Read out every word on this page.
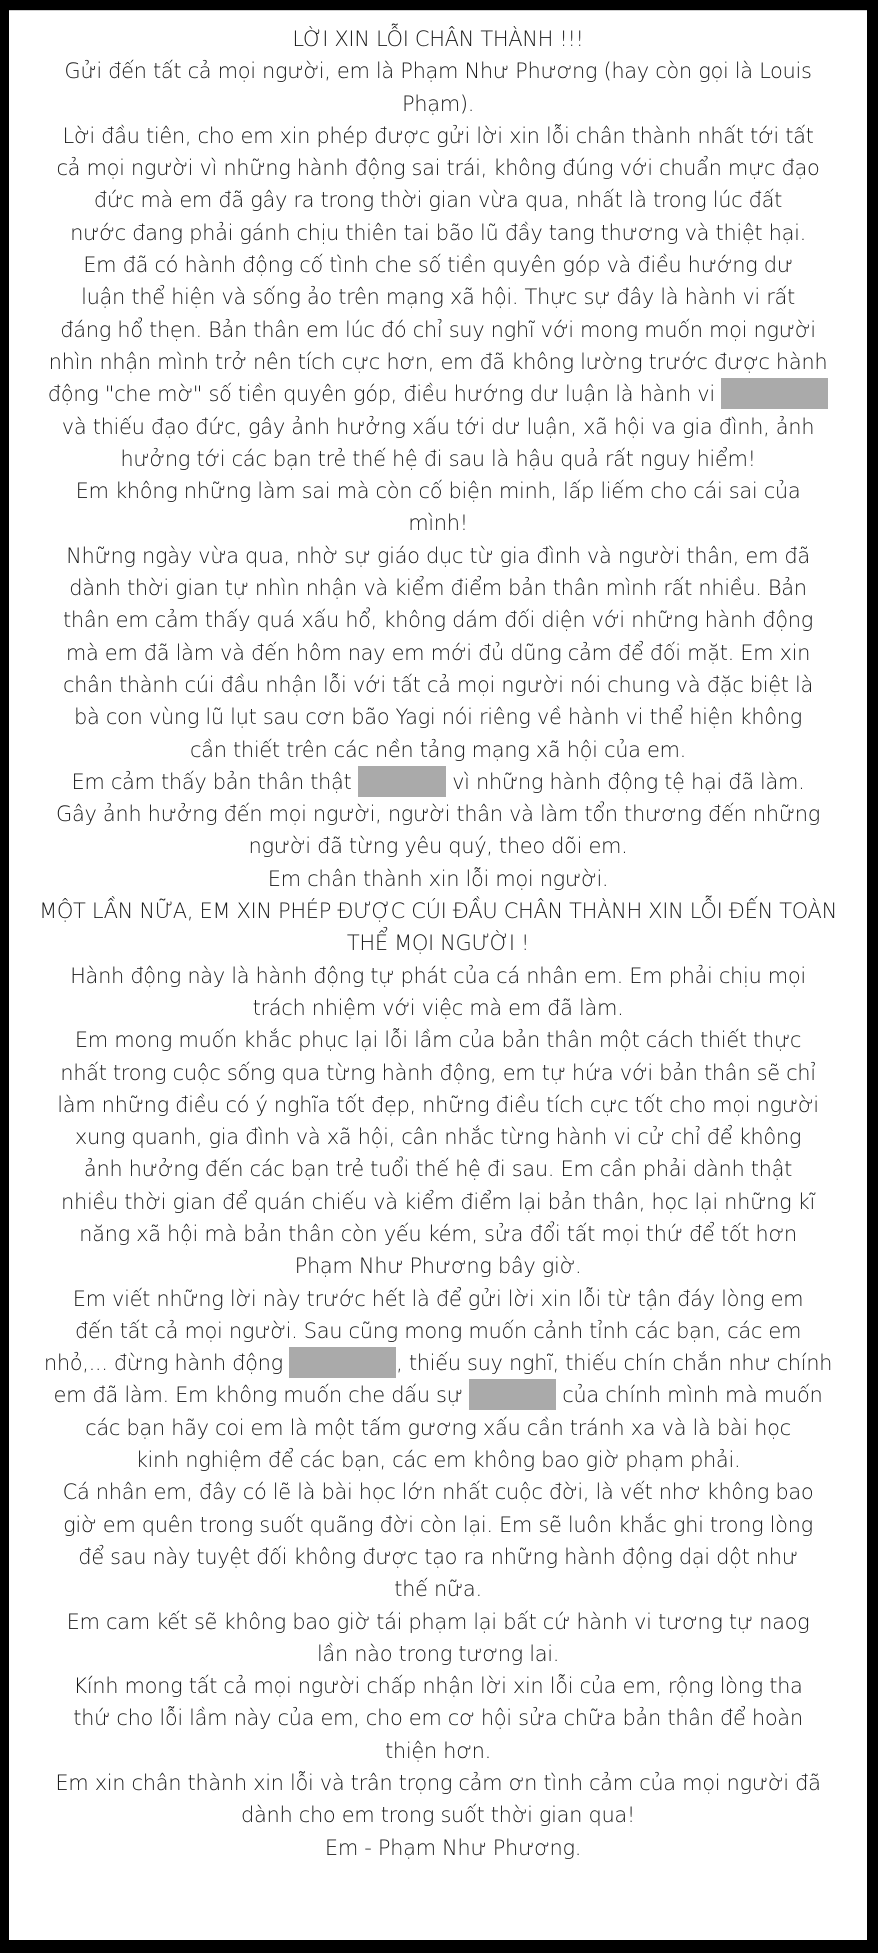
LỜI XIN LỖI CHÂN THÀNH !!!
Gửi đến tất cả mọi người, em là Phạm Như Phương (hay còn gọi là Louis
Phạm).
Lời đầu tiên, cho em xin phép được gửi lời xin lỗi chân thành nhất tới tất
cả mọi người vì những hành động sai trái, không đúng với chuẩn mực đạo
đức mà em đã gây ra trong thời gian vừa qua, nhất là trong lúc đất
nước đang phải gánh chịu thiên tai bão lũ đầy tang thương và thiệt hại.
Em đã có hành động cố tình che số tiền quyên góp và điều hướng dư
luận thể hiện và sống ảo trên mạng xã hội. Thực sự đây là hành vi rất
đáng hổ thẹn. Bản thân em lúc đó chỉ suy nghĩ với mong muốn mọi người
nhìn nhận mình trở nên tích cực hơn, em đã không lường trước được hành
động "che mờ" số tiền quyên góp, điều hướng dư luận là hành vi
và thiếu đạo đức, gây ảnh hưởng xấu tới dư luận, xã hội va gia đình, ảnh
hưởng tới các bạn trẻ thế hệ đi sau là hậu quả rất nguy hiểm!
Em không những làm sai mà còn cố biện minh, lấp liếm cho cái sai của
mình!
Những ngày vừa qua, nhờ sự giáo dục từ gia đình và người thân, em đã
dành thời gian tự nhìn nhận và kiểm điểm bản thân mình rất nhiều. Bản
thân em cảm thấy quá xấu hổ, không dám đối diện với những hành động
mà em đã làm và đến hôm nay em mới đủ dũng cảm để đối mặt. Em xin
chân thành cúi đầu nhận lỗi với tất cả mọi người nói chung và đặc biệt là
bà con vùng lũ lụt sau cơn bão Yagi nói riêng về hành vi thể hiện không
cần thiết trên các nền tảng mạng xã hội của em.
Em cảm thấy bản thân thật	vì những hành động tệ hại đã làm.
Gây ảnh hưởng đến mọi người, người thân và làm tổn thương đến những
người đã từng yêu quý, theo dõi em.
Em chân thành xin lỗi mọi người.
MỘT LẦN NỮA, EM XIN PHÉP ĐƯỢC CÚI ĐẦU CHÂN THÀNH XIN LỖI ĐẾN TOÀN
THỂ MỌI NGƯỜI !
Hành động này là hành động tự phát của cá nhân em. Em phải chịu mọi
trách nhiệm với việc mà em đã làm.
Em mong muốn khắc phục lại lỗi lầm của bản thân một cách thiết thực
nhất trong cuộc sống qua từng hành động, em tự hứa với bản thân sẽ chỉ
làm những điều có ý nghĩa tốt đẹp, những điều tích cực tốt cho mọi người
xung quanh, gia đình và xã hội, cân nhắc từng hành vi cử chỉ để không
ảnh hưởng đến các bạn trẻ tuổi thế hệ đi sau. Em cần phải dành thật
nhiều thời gian để quán chiếu và kiểm điểm lại bản thân, học lại những kĩ
năng xã hội mà bản thân còn yếu kém, sửa đổi tất mọi thứ để tốt hơn
Phạm Như Phương bây giờ.
Em viết những lời này trước hết là để gửi lời xin lỗi từ tận đáy lòng em
đến tất cả mọi người. Sau cũng mong muốn cảnh tỉnh các bạn, các em
nhỏ,... đừng hành động	, thiếu suy nghĩ, thiếu chín chắn như chính
em đã làm. Em không muốn che dấu sự	của chính mình mà muốn
các bạn hãy coi em là một tấm gương xấu cần tránh xa và là bài học
kinh nghiệm để các bạn, các em không bao giờ phạm phải.
Cá nhân em, đây có lẽ là bài học lớn nhất cuộc đời, là vết nhơ không bao
giờ em quên trong suốt quãng đời còn lại. Em sẽ luôn khắc ghi trong lòng
để sau này tuyệt đối không được tạo ra những hành động dại dột như
thế nữa.
Em cam kết sẽ không bao giờ tái phạm lại bất cứ hành vi tương tự naog
lần nào trong tương lai.
Kính mong tất cả mọi người chấp nhận lời xin lỗi của em, rộng lòng tha
thứ cho lỗi lầm này của em, cho em cơ hội sửa chữa bản thân để hoàn
thiện hơn.
Em xin chân thành xin lỗi và trân trọng cảm ơn tình cảm của mọi người đã
dành cho em trong suốt thời gian qua!
Em - Phạm Như Phương.
